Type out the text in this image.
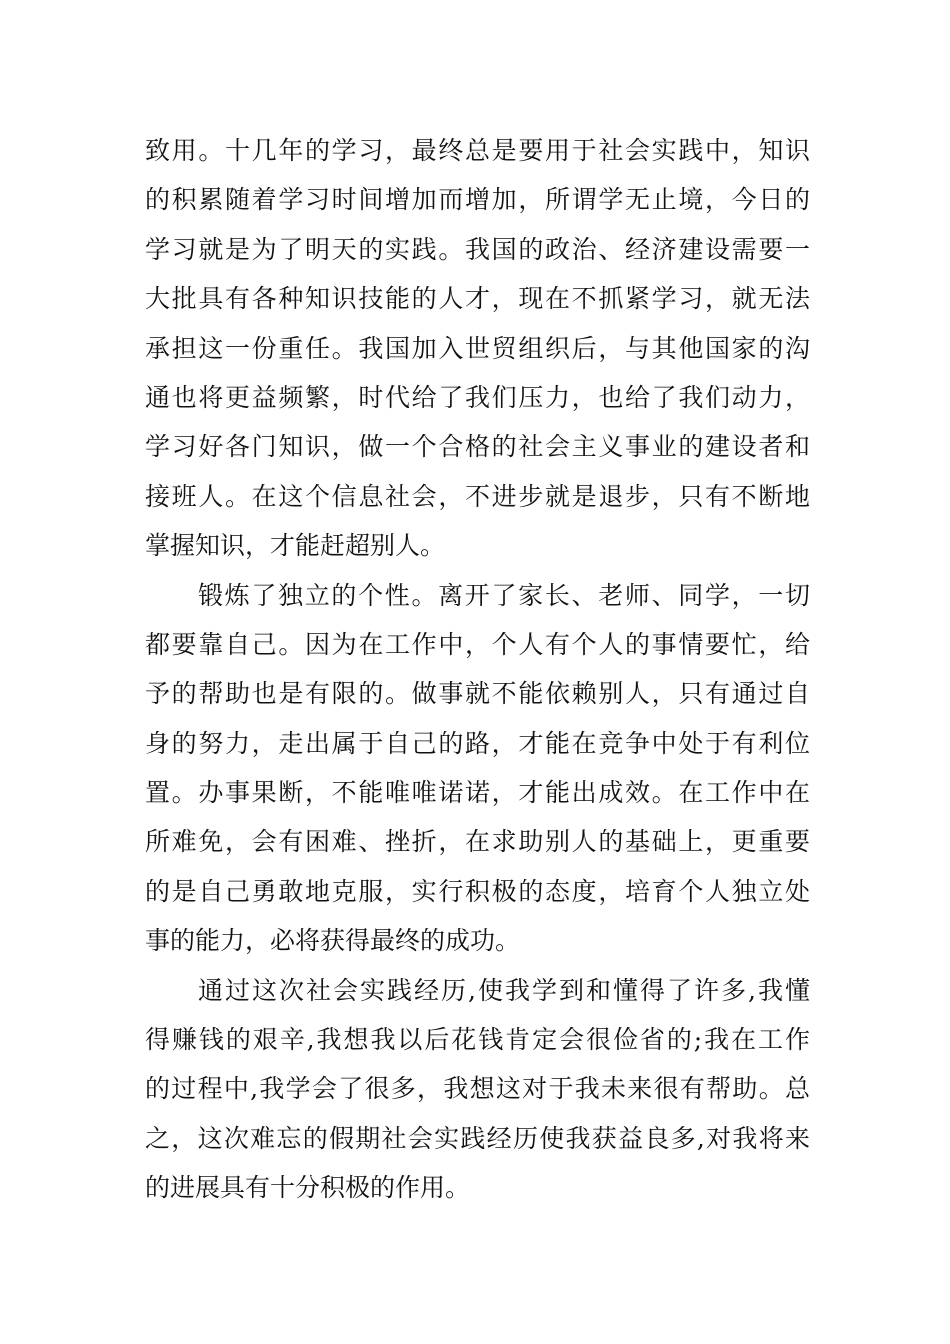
致用。十几年的学习，最终总是要用于社会实践中，知识
的积累随着学习时间增加而增加，所谓学无止境，今日的
学习就是为了明天的实践。我国的政治、经济建设需要一
大批具有各种知识技能的人才，现在不抓紧学习，就无法
承担这一份重任。我国加入世贸组织后，与其他国家的沟
通也将更益频繁，时代给了我们压力，也给了我们动力，
学习好各门知识，做一个合格的社会主义事业的建设者和
接班人。在这个信息社会，不进步就是退步，只有不断地
掌握知识，才能赶超别人。
锻炼了独立的个性。离开了家长、老师、同学，一切
都要靠自己。因为在工作中，个人有个人的事情要忙，给
予的帮助也是有限的。做事就不能依赖别人，只有通过自
身的努力，走出属于自己的路，才能在竞争中处于有利位
置。办事果断，不能唯唯诺诺，才能出成效。在工作中在
所难免，会有困难、挫折，在求助别人的基础上，更重要
的是自己勇敢地克服，实行积极的态度，培育个人独立处
事的能力，必将获得最终的成功。
通过这次社会实践经历,使我学到和懂得了许多,我懂
得赚钱的艰辛,我想我以后花钱肯定会很俭省的;我在工作
的过程中,我学会了很多，我想这对于我未来很有帮助。总
之，这次难忘的假期社会实践经历使我获益良多,对我将来
的进展具有十分积极的作用。
